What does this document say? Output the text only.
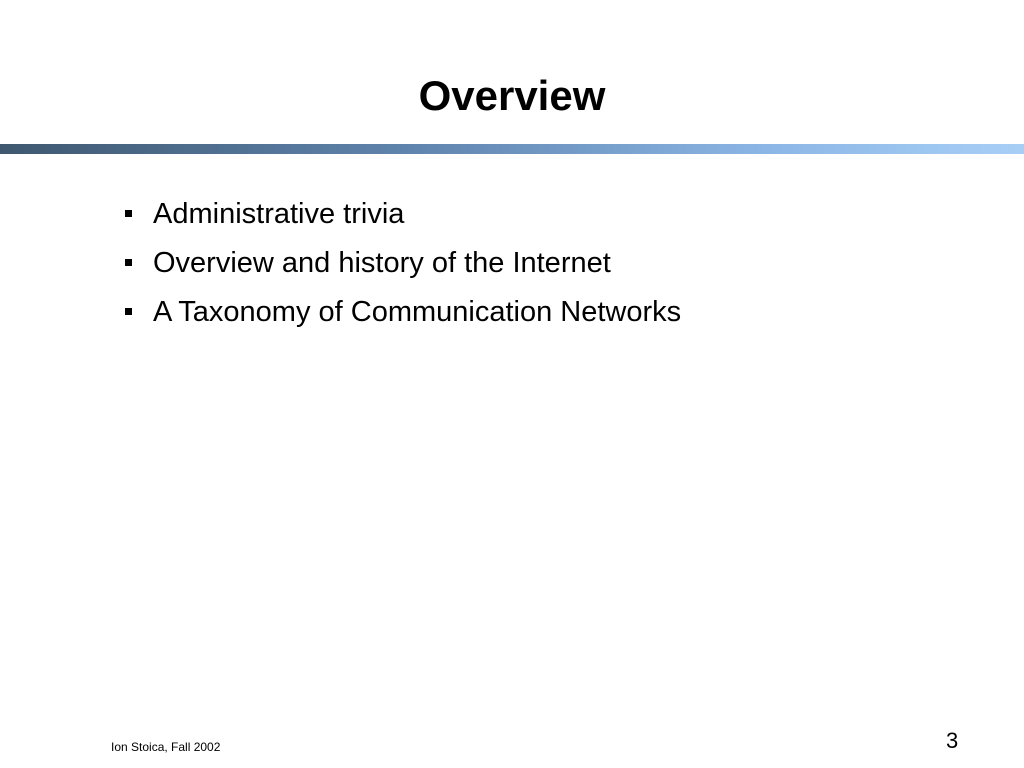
Overview
Administrative trivia
Overview and history of the Internet
A Taxonomy of Communication Networks
Ion Stoica, Fall 2002	3
